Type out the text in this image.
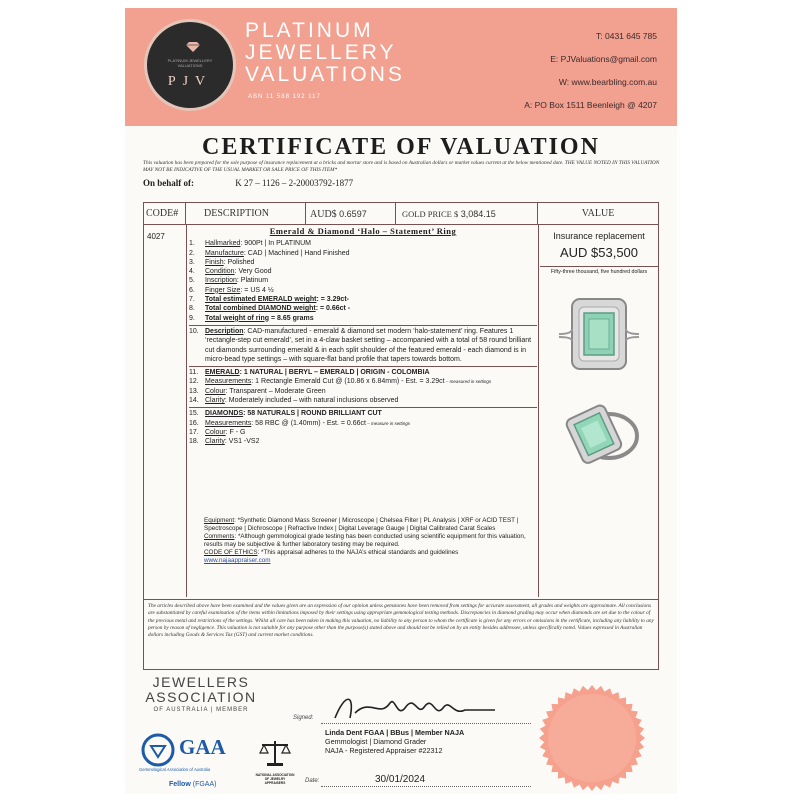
PLATINUM JEWELLERY VALUATIONS
PJV
PLATINUM
JEWELLERY
VALUATIONS
ABN 11 588 192 117
T: 0431 645 785
E: PJValuations@gmail.com
W: www.bearbling.com.au
A: PO Box 1511 Beenleigh @ 4207
CERTIFICATE OF VALUATION
This valuation has been prepared for the sole purpose of insurance replacement at a bricks and mortar store and is based on Australian dollars or market values current at the below mentioned date. THE VALUE NOTED IN THIS VALUATION MAY NOT BE INDICATIVE OF THE USUAL MARKET OR SALE PRICE OF THIS ITEM*
On behalf of:	K 27 – 1126 – 2-20003792-1877
CODE#	DESCRIPTION	AUD$ 0.6597	GOLD PRICE $ 3,084.15	VALUE
4027
Emerald & Diamond ‘Halo – Statement’ Ring
1.	Hallmarked: 900Pt | In PLATINUM
2.	Manufacture: CAD | Machined | Hand Finished
3.	Finish: Polished
4.	Condition: Very Good
5.	Inscription: Platinum
6.	Finger Size: = US 4 ½
7.	Total estimated EMERALD weight: = 3.29ct-
8.	Total combined DIAMOND weight: = 0.66ct -
9.	Total weight of ring = 8.65 grams
10. Description: CAD-manufactured - emerald & diamond set modern ‘halo-statement’ ring. Features 1 ‘rectangle-step cut emerald’, set in a 4-claw basket setting – accompanied with a total of 58 round brilliant cut diamonds surrounding emerald & in each split shoulder of the featured emerald - each diamond is in micro-bead type settings – with square-flat band profile that tapers towards bottom.
11. EMERALD: 1 NATURAL | BERYL – EMERALD | ORIGIN - COLOMBIA
12. Measurements: 1 Rectangle Emerald Cut @ (10.86 x 6.84mm) - Est. = 3.29ct – measured in settings
13. Colour: Transparent – Moderate Green
14. Clarity: Moderately included – with natural inclusions observed
15. DIAMONDS: 58 NATURALS | ROUND BRILLIANT CUT
16. Measurements: 58 RBC @ (1.40mm) - Est. = 0.66ct – measure in settings
17. Colour: F - G
18. Clarity: VS1 -VS2
Equipment: *Synthetic Diamond Mass Screener | Microscope | Chelsea Filter | PL Analysis | XRF or ACID TEST | Spectroscope | Dichroscope | Refractive Index | Digital Leverage Gauge | Digital Calibrated Carat Scales
Comments: *Although gemmological grade testing has been conducted using scientific equipment for this valuation, results may be subjective & further laboratory testing may be required.
CODE OF ETHICS: *This appraisal adheres to the NAJA’s ethical standards and guidelines
www.najaappraiser.com
Insurance replacement
AUD $53,500
Fifty-three thousand, five hundred dollars

The articles described above have been examined and the values given are an expression of our opinion unless gemstones have been removed from settings for accurate assessment, all grades and weights are approximate. All conclusions are substantiated by careful examination of the items within limitations imposed by their settings using appropriate gemmological testing methods. Discrepancies in diamond grading may occur when diamonds are set due to the colour of the precious metal and restrictions of the settings. Whilst all care has been taken in making this valuation, no liability to any person to whom the certificate is given for any errors or omissions in the certificate, including any liability to any person by reason of negligence. This valuation is not suitable for any purpose other than the purpose(s) stated above and should not be relied on by an entity besides addressee, unless specifically noted. Values expressed in Australian dollars including Goods & Services Tax (GST) and current market conditions.
JEWELLERS
ASSOCIATION
OF AUSTRALIA | MEMBER
GAA
Gemmological Association of Australia
Fellow (FGAA)
NATIONAL ASSOCIATION OF JEWELRY APPRAISERS
Signed:
Linda Dent FGAA | BBus | Member NAJA
Gemmologist | Diamond Grader
NAJA - Registered Appraiser #22312
Date:	30/01/2024
